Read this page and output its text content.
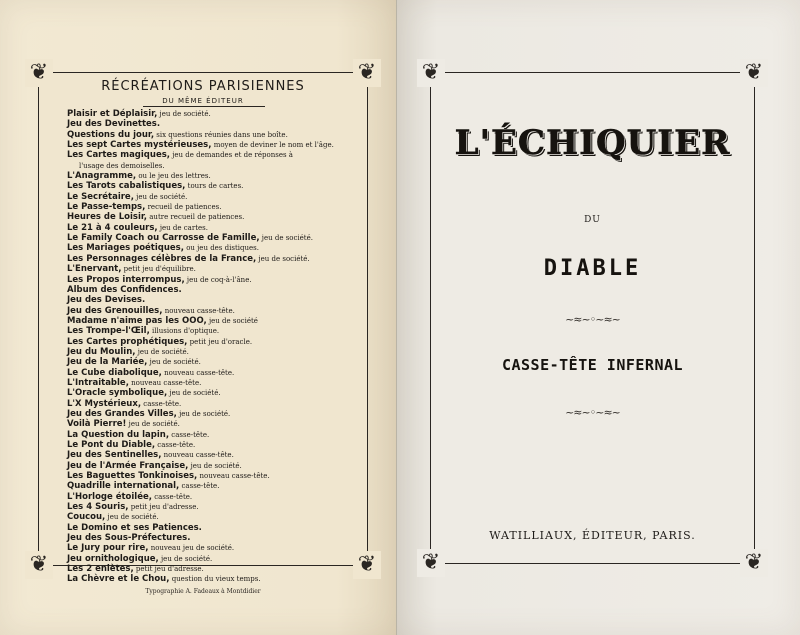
❦	❦
❦	❦
RÉCRÉATIONS PARISIENNES
DU MÊME ÉDITEUR
Plaisir et Déplaisir, jeu de société.
Jeu des Devinettes.
Questions du jour, six questions réunies dans une boîte.
Les sept Cartes mystérieuses, moyen de deviner le nom et l'âge.
Les Cartes magiques, jeu de demandes et de réponses à
l'usage des demoiselles.
L'Anagramme, ou le jeu des lettres.
Les Tarots cabalistiques, tours de cartes.
Le Secrétaire, jeu de société.
Le Passe-temps, recueil de patiences.
Heures de Loisir, autre recueil de patiences.
Le 21 à 4 couleurs, jeu de cartes.
Le Family Coach ou Carrosse de Famille, jeu de société.
Les Mariages poétiques, ou jeu des distiques.
Les Personnages célèbres de la France, jeu de société.
L'Enervant, petit jeu d'équilibre.
Les Propos interrompus, jeu de coq-à-l'âne.
Album des Confidences.
Jeu des Devises.
Jeu des Grenouilles, nouveau casse-tête.
Madame n'aime pas les OOO, jeu de société
Les Trompe-l'Œil, illusions d'optique.
Les Cartes prophétiques, petit jeu d'oracle.
Jeu du Moulin, jeu de société.
Jeu de la Mariée, jeu de société.
Le Cube diabolique, nouveau casse-tête.
L'Intraitable, nouveau casse-tête.
L'Oracle symbolique, jeu de société.
L'X Mystérieux, casse-tête.
Jeu des Grandes Villes, jeu de société.
Voilà Pierre! jeu de société.
La Question du lapin, casse-tête.
Le Pont du Diable, casse-tête.
Jeu des Sentinelles, nouveau casse-tête.
Jeu de l'Armée Française, jeu de société.
Les Baguettes Tonkinoises, nouveau casse-tête.
Quadrille international, casse-tête.
L'Horloge étoilée, casse-tête.
Les 4 Souris, petit jeu d'adresse.
Coucou, jeu de société.
Le Domino et ses Patiences.
Jeu des Sous-Préfectures.
Le Jury pour rire, nouveau jeu de société.
Jeu ornithologique, jeu de société.
Les 2 enlètes, petit jeu d'adresse.
La Chèvre et le Chou, question du vieux temps.
Typographie A. Fadeaux à Montdidier
❦	❦
❦	❦
L'ÉCHIQUIER
DU
DIABLE
~≈~◦~≈~
CASSE-TÊTE INFERNAL
~≈~◦~≈~
WATILLIAUX, ÉDITEUR, PARIS.
